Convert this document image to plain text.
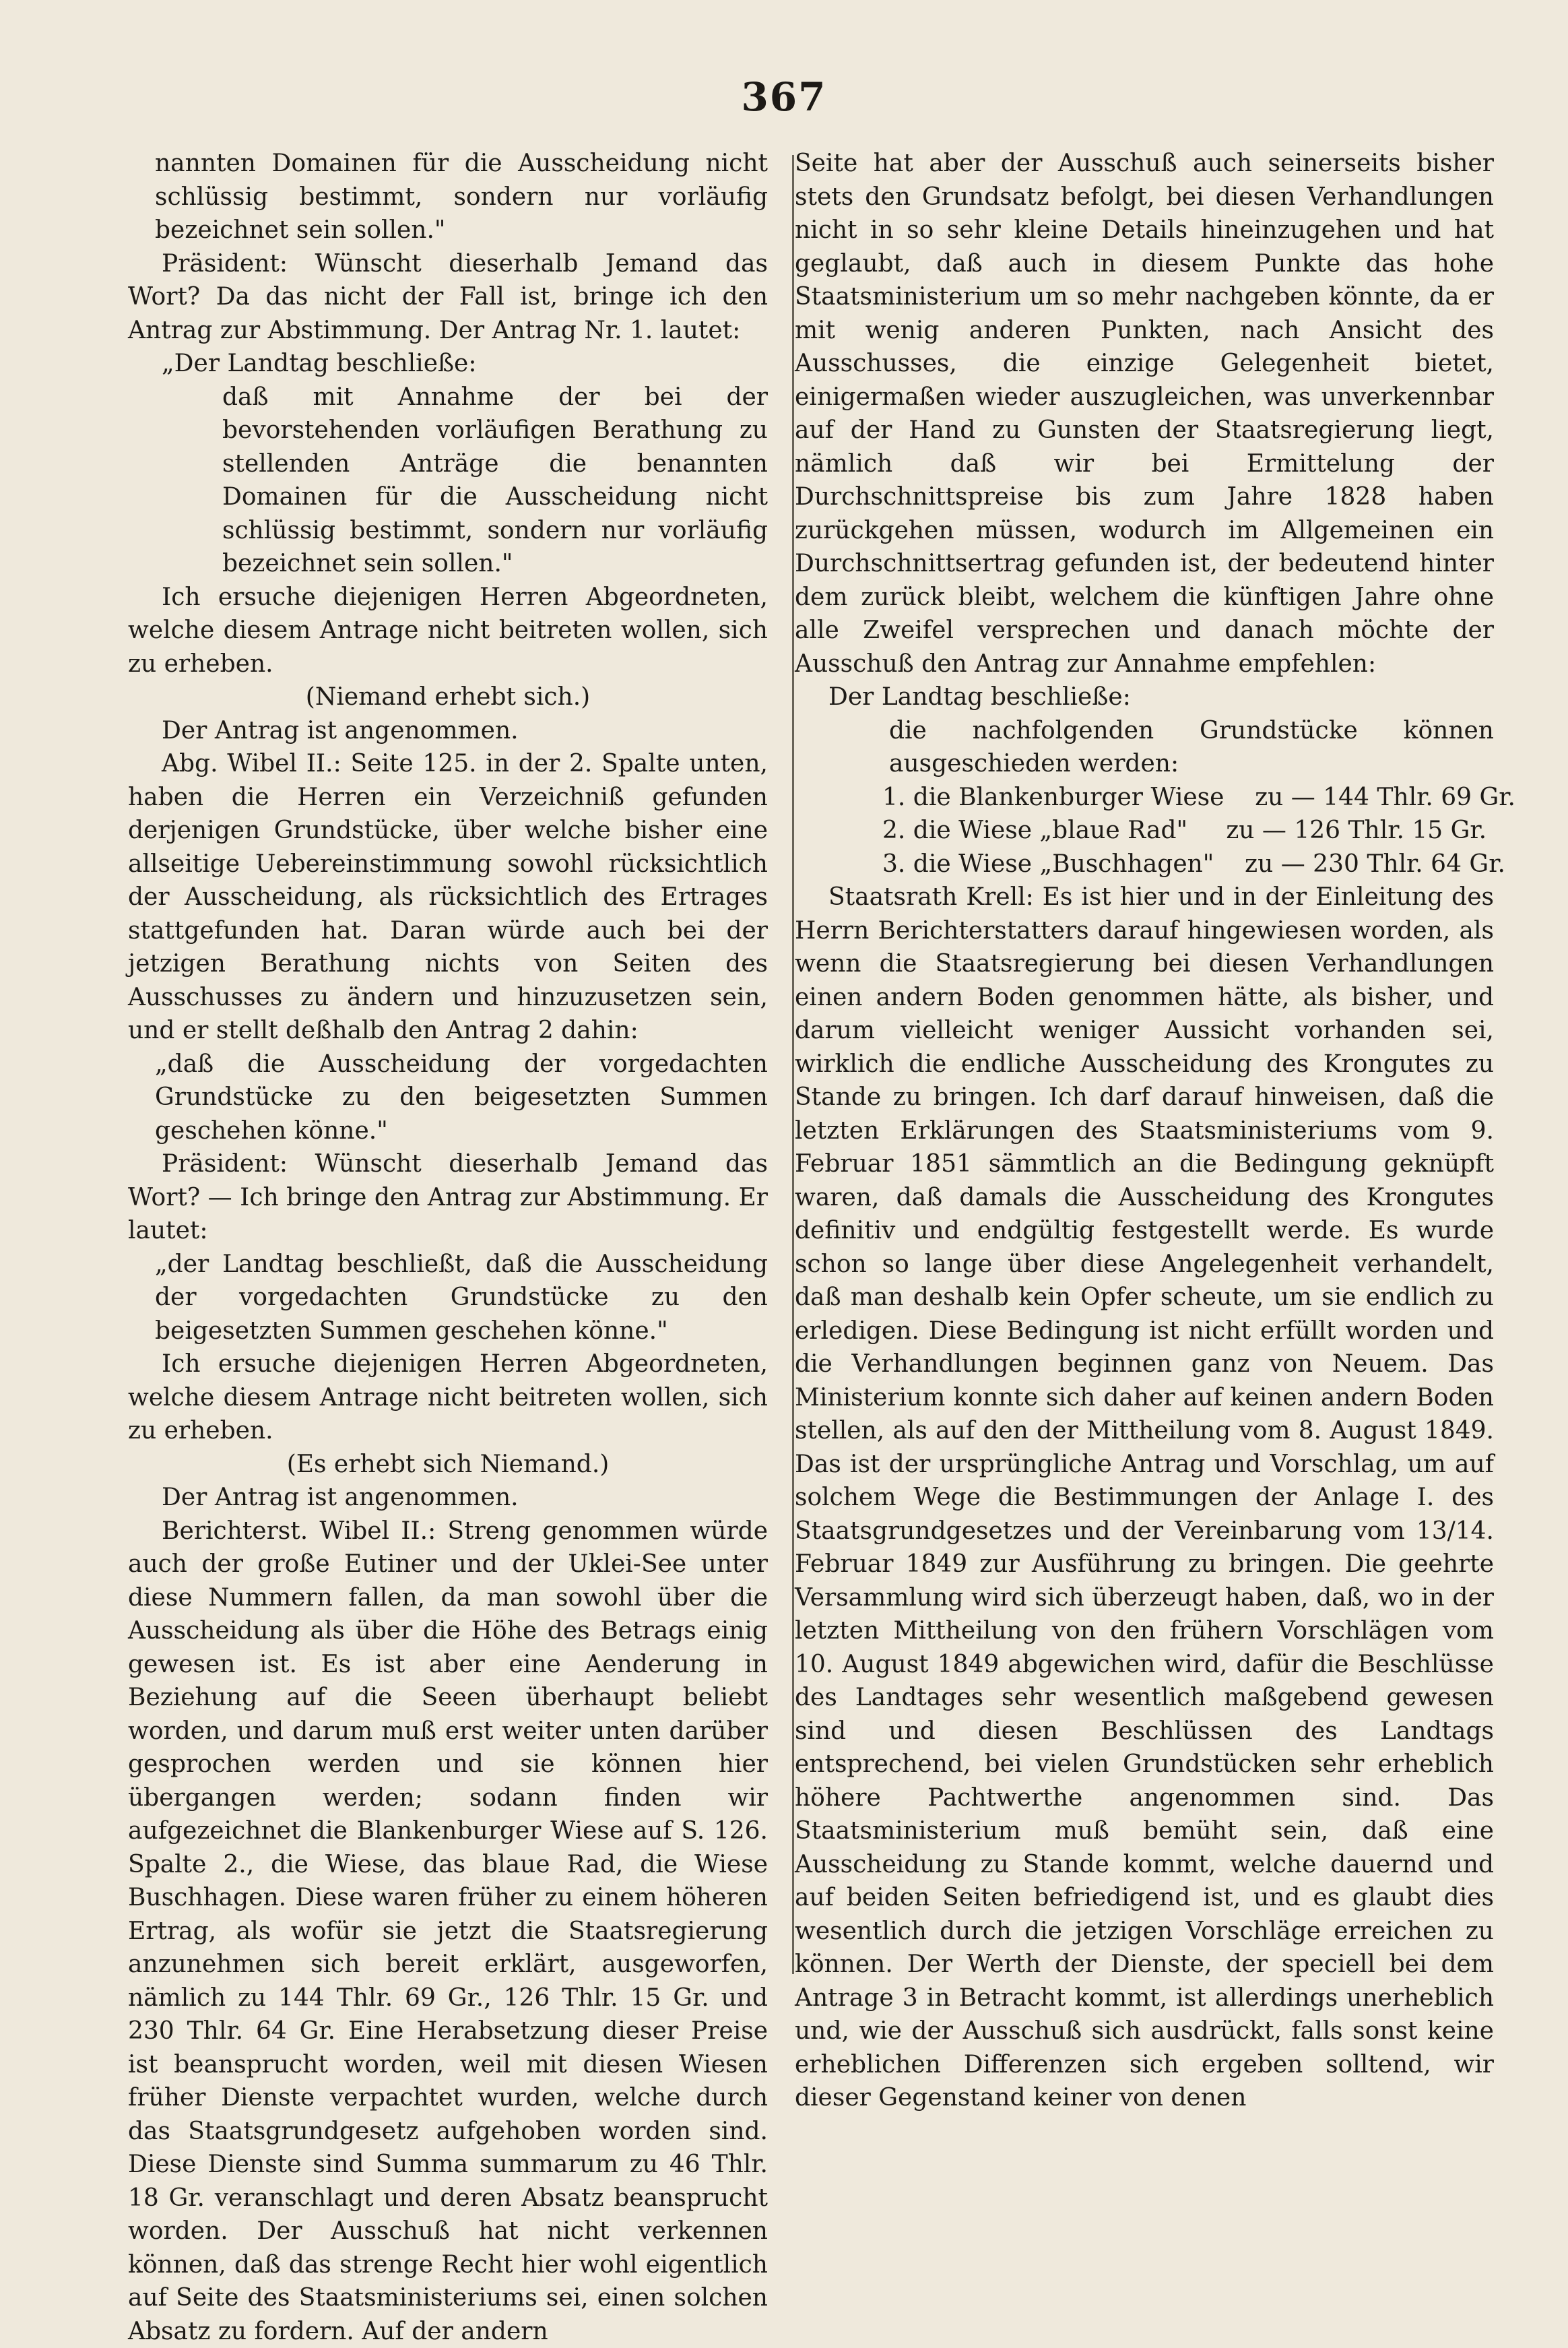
367

nannten Domainen für die Ausscheidung nicht schlüssig bestimmt, sondern nur vorläufig bezeichnet sein sollen."

Präsident: Wünscht dieserhalb Jemand das Wort? Da das nicht der Fall ist, bringe ich den Antrag zur Abstimmung. Der Antrag Nr. 1. lautet:

„Der Landtag beschließe:

daß mit Annahme der bei der bevorstehenden vorläufigen Berathung zu stellenden Anträge die benannten Domainen für die Ausscheidung nicht schlüssig bestimmt, sondern nur vorläufig bezeichnet sein sollen."

Ich ersuche diejenigen Herren Abgeordneten, welche diesem Antrage nicht beitreten wollen, sich zu erheben.

(Niemand erhebt sich.)

Der Antrag ist angenommen.

Abg. Wibel II.: Seite 125. in der 2. Spalte unten, haben die Herren ein Verzeichniß gefunden derjenigen Grundstücke, über welche bisher eine allseitige Uebereinstimmung sowohl rücksichtlich der Ausscheidung, als rücksichtlich des Ertrages stattgefunden hat. Daran würde auch bei der jetzigen Berathung nichts von Seiten des Ausschusses zu ändern und hinzuzusetzen sein, und er stellt deßhalb den Antrag 2 dahin:

„daß die Ausscheidung der vorgedachten Grundstücke zu den beigesetzten Summen geschehen könne."

Präsident: Wünscht dieserhalb Jemand das Wort? — Ich bringe den Antrag zur Abstimmung. Er lautet:

„der Landtag beschließt, daß die Ausscheidung der vorgedachten Grundstücke zu den beigesetzten Summen geschehen könne."

Ich ersuche diejenigen Herren Abgeordneten, welche diesem Antrage nicht beitreten wollen, sich zu erheben.

(Es erhebt sich Niemand.)

Der Antrag ist angenommen.

Berichterst. Wibel II.: Streng genommen würde auch der große Eutiner und der Uklei-See unter diese Nummern fallen, da man sowohl über die Ausscheidung als über die Höhe des Betrags einig gewesen ist. Es ist aber eine Aenderung in Beziehung auf die Seeen überhaupt beliebt worden, und darum muß erst weiter unten darüber gesprochen werden und sie können hier übergangen werden; sodann finden wir aufgezeichnet die Blankenburger Wiese auf S. 126. Spalte 2., die Wiese, das blaue Rad, die Wiese Buschhagen. Diese waren früher zu einem höheren Ertrag, als wofür sie jetzt die Staatsregierung anzunehmen sich bereit erklärt, ausgeworfen, nämlich zu 144 Thlr. 69 Gr., 126 Thlr. 15 Gr. und 230 Thlr. 64 Gr. Eine Herabsetzung dieser Preise ist beansprucht worden, weil mit diesen Wiesen früher Dienste verpachtet wurden, welche durch das Staatsgrundgesetz aufgehoben worden sind. Diese Dienste sind Summa summarum zu 46 Thlr. 18 Gr. veranschlagt und deren Absatz beansprucht worden. Der Ausschuß hat nicht verkennen können, daß das strenge Recht hier wohl eigentlich auf Seite des Staatsministeriums sei, einen solchen Absatz zu fordern. Auf der andern

Seite hat aber der Ausschuß auch seinerseits bisher stets den Grundsatz befolgt, bei diesen Verhandlungen nicht in so sehr kleine Details hineinzugehen und hat geglaubt, daß auch in diesem Punkte das hohe Staatsministerium um so mehr nachgeben könnte, da er mit wenig anderen Punkten, nach Ansicht des Ausschusses, die einzige Gelegenheit bietet, einigermaßen wieder auszugleichen, was unverkennbar auf der Hand zu Gunsten der Staatsregierung liegt, nämlich daß wir bei Ermittelung der Durchschnittspreise bis zum Jahre 1828 haben zurückgehen müssen, wodurch im Allgemeinen ein Durchschnittsertrag gefunden ist, der bedeutend hinter dem zurück bleibt, welchem die künftigen Jahre ohne alle Zweifel versprechen und danach möchte der Ausschuß den Antrag zur Annahme empfehlen:

Der Landtag beschließe:

die nachfolgenden Grundstücke können ausgeschieden werden:

1. die Blankenburger Wiese    zu — 144 Thlr. 69 Gr.

2. die Wiese „blaue Rad"     zu — 126 Thlr. 15 Gr.

3. die Wiese „Buschhagen"    zu — 230 Thlr. 64 Gr.

Staatsrath Krell: Es ist hier und in der Einleitung des Herrn Berichterstatters darauf hingewiesen worden, als wenn die Staatsregierung bei diesen Verhandlungen einen andern Boden genommen hätte, als bisher, und darum vielleicht weniger Aussicht vorhanden sei, wirklich die endliche Ausscheidung des Krongutes zu Stande zu bringen. Ich darf darauf hinweisen, daß die letzten Erklärungen des Staatsministeriums vom 9. Februar 1851 sämmtlich an die Bedingung geknüpft waren, daß damals die Ausscheidung des Krongutes definitiv und endgültig festgestellt werde. Es wurde schon so lange über diese Angelegenheit verhandelt, daß man deshalb kein Opfer scheute, um sie endlich zu erledigen. Diese Bedingung ist nicht erfüllt worden und die Verhandlungen beginnen ganz von Neuem. Das Ministerium konnte sich daher auf keinen andern Boden stellen, als auf den der Mittheilung vom 8. August 1849. Das ist der ursprüngliche Antrag und Vorschlag, um auf solchem Wege die Bestimmungen der Anlage I. des Staatsgrundgesetzes und der Vereinbarung vom 13/14. Februar 1849 zur Ausführung zu bringen. Die geehrte Versammlung wird sich überzeugt haben, daß, wo in der letzten Mittheilung von den frühern Vorschlägen vom 10. August 1849 abgewichen wird, dafür die Beschlüsse des Landtages sehr wesentlich maßgebend gewesen sind und diesen Beschlüssen des Landtags entsprechend, bei vielen Grundstücken sehr erheblich höhere Pachtwerthe angenommen sind. Das Staatsministerium muß bemüht sein, daß eine Ausscheidung zu Stande kommt, welche dauernd und auf beiden Seiten befriedigend ist, und es glaubt dies wesentlich durch die jetzigen Vorschläge erreichen zu können. Der Werth der Dienste, der speciell bei dem Antrage 3 in Betracht kommt, ist allerdings unerheblich und, wie der Ausschuß sich ausdrückt, falls sonst keine erheblichen Differenzen sich ergeben solltend, wir dieser Gegenstand keiner von denen
